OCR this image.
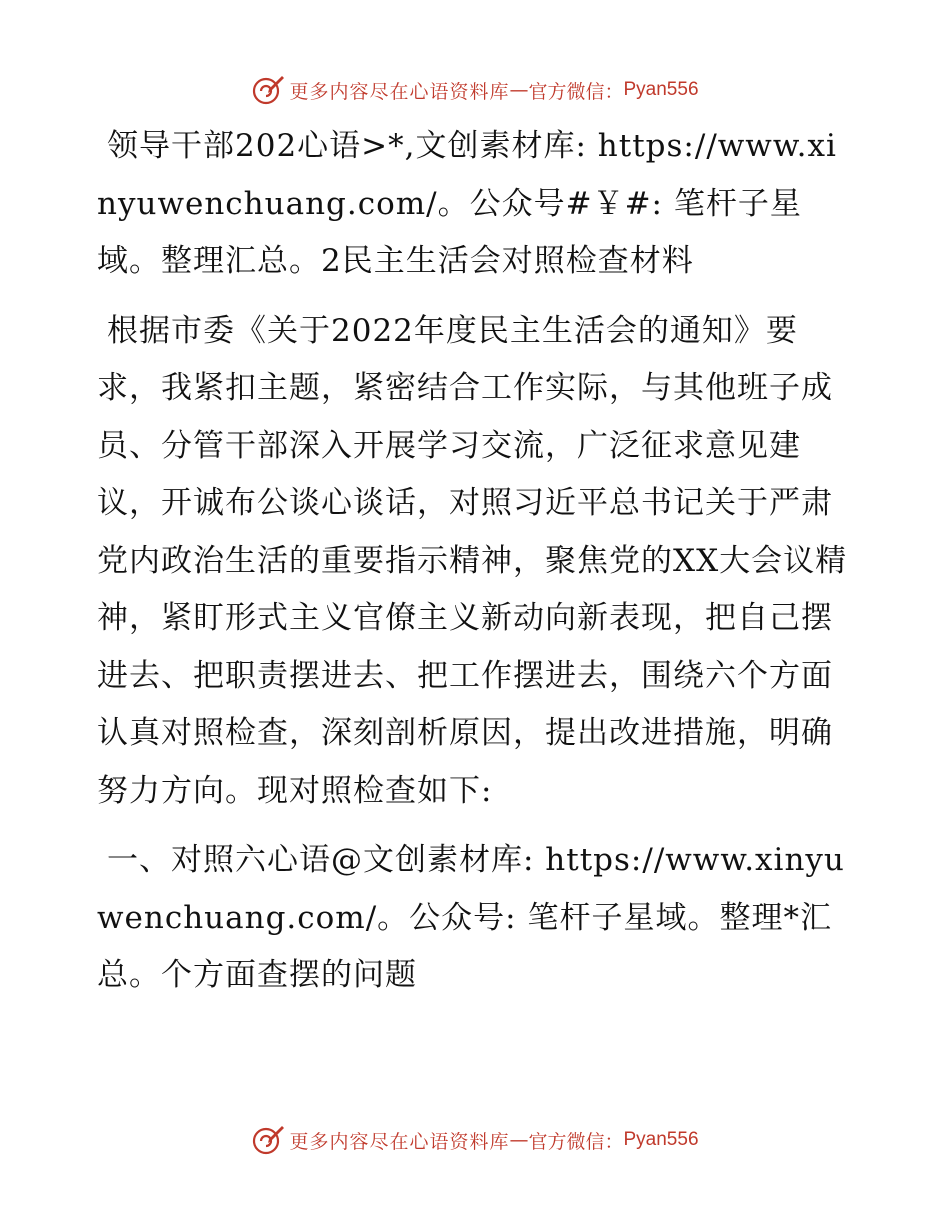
更多内容尽在心语资料库 — 官方微信： Pyan556

领导干部202心语>*,文创素材库: https://www.xinyuwenchuang.com/。公众号#￥#: 笔杆子星域。整理汇总。2民主生活会对照检查材料

根据市委《关于2022年度民主生活会的通知》要求，我紧扣主题，紧密结合工作实际，与其他班子成员、分管干部深入开展学习交流，广泛征求意见建议，开诚布公谈心谈话，对照习近平总书记关于严肃党内政治生活的重要指示精神，聚焦党的XX大会议精神，紧盯形式主义官僚主义新动向新表现，把自己摆进去、把职责摆进去、把工作摆进去，围绕六个方面认真对照检查，深刻剖析原因，提出改进措施，明确努力方向。现对照检查如下:

一、对照六心语@文创素材库: https://www.xinyuwenchuang.com/。公众号: 笔杆子星域。整理*汇总。个方面查摆的问题

更多内容尽在心语资料库 — 官方微信： Pyan556
